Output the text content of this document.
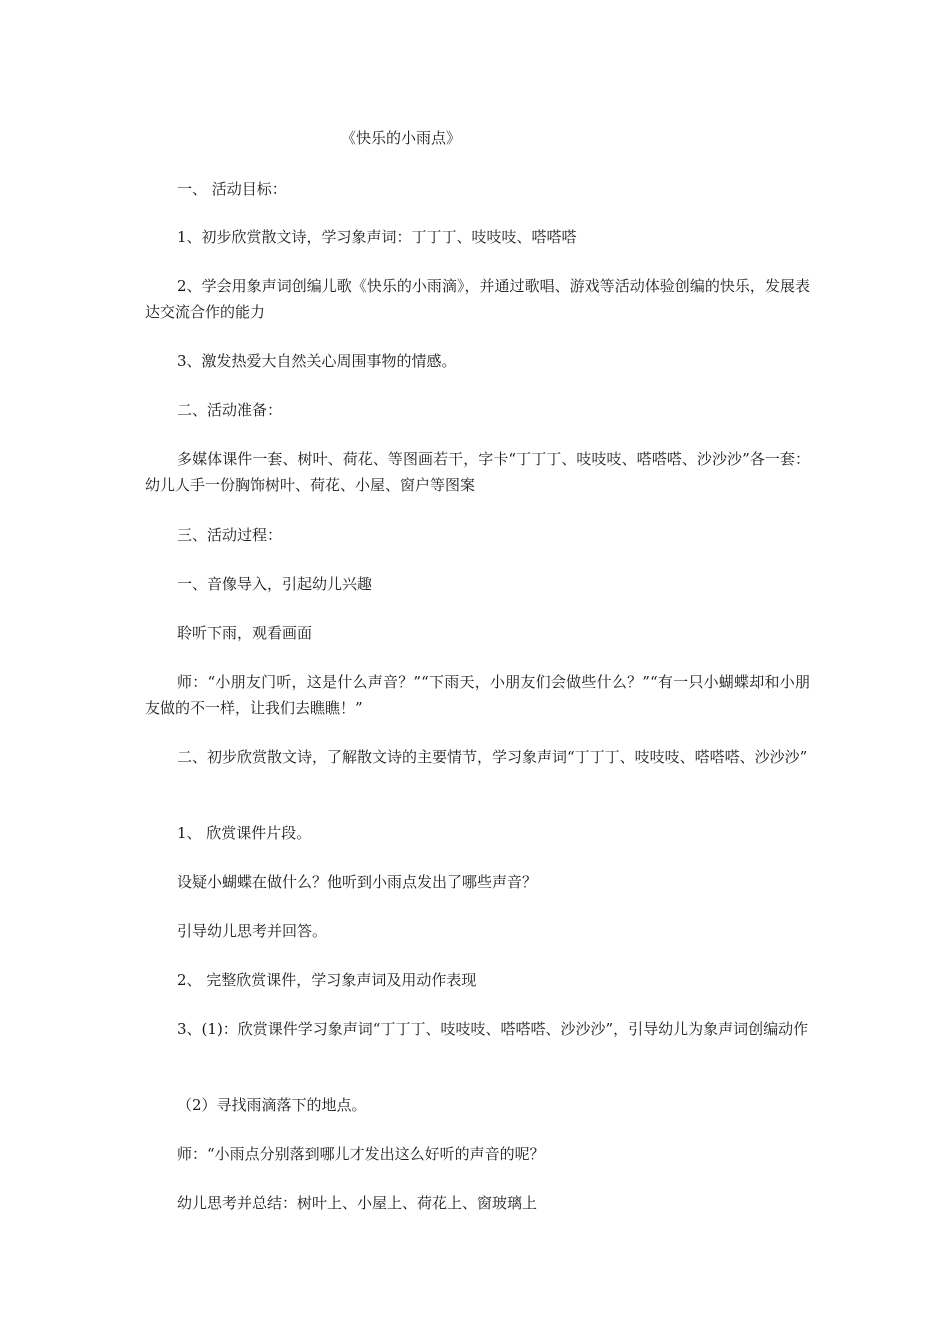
《快乐的小雨点》

一、 活动目标：

1、初步欣赏散文诗，学习象声词：丁丁丁、吱吱吱、嗒嗒嗒

2、学会用象声词创编儿歌《快乐的小雨滴》，并通过歌唱、游戏等活动体验创编的快乐，发展表达交流合作的能力

3、激发热爱大自然关心周围事物的情感。

二、活动准备：

多媒体课件一套、树叶、荷花、等图画若干，字卡“丁丁丁、吱吱吱、嗒嗒嗒、沙沙沙”各一套：幼儿人手一份胸饰树叶、荷花、小屋、窗户等图案

三、活动过程：

一、音像导入，引起幼儿兴趣

聆听下雨，观看画面

师：“小朋友门听，这是什么声音？”“下雨天，小朋友们会做些什么？”“有一只小蝴蝶却和小朋友做的不一样，让我们去瞧瞧！”

二、初步欣赏散文诗，了解散文诗的主要情节，学习象声词“丁丁丁、吱吱吱、嗒嗒嗒、沙沙沙”

1、 欣赏课件片段。

设疑小蝴蝶在做什么？他听到小雨点发出了哪些声音？

引导幼儿思考并回答。

2、 完整欣赏课件，学习象声词及用动作表现

3、(1)：欣赏课件学习象声词“丁丁丁、吱吱吱、嗒嗒嗒、沙沙沙”，引导幼儿为象声词创编动作

（2）寻找雨滴落下的地点。

师：“小雨点分别落到哪儿才发出这么好听的声音的呢？

幼儿思考并总结：树叶上、小屋上、荷花上、窗玻璃上
